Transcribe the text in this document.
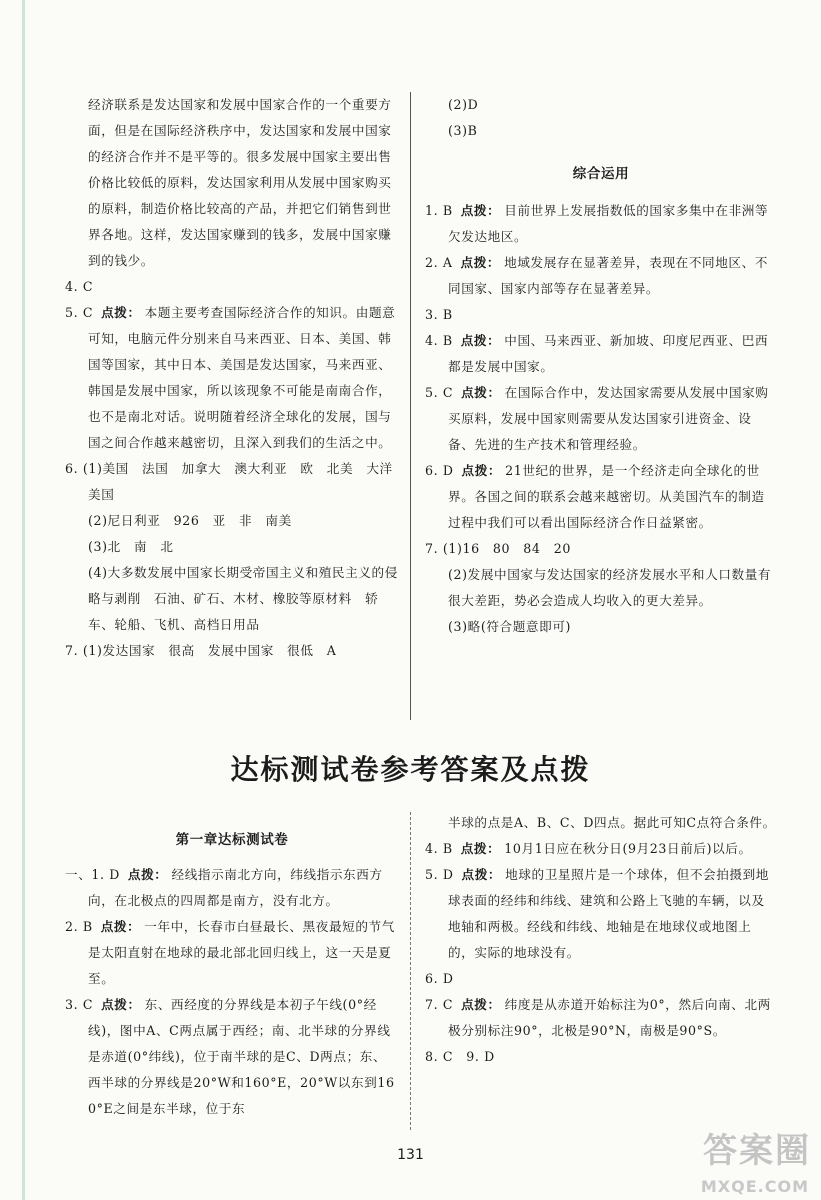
经济联系是发达国家和发展中国家合作的一个重要方面，但是在国际经济秩序中，发达国家和发展中国家的经济合作并不是平等的。很多发展中国家主要出售价格比较低的原料，发达国家利用从发展中国家购买的原料，制造价格比较高的产品，并把它们销售到世界各地。这样，发达国家赚到的钱多，发展中国家赚到的钱少。

4. C

5. C 点拨： 本题主要考查国际经济合作的知识。由题意可知，电脑元件分别来自马来西亚、日本、美国、韩国等国家，其中日本、美国是发达国家，马来西亚、韩国是发展中国家，所以该现象不可能是南南合作，也不是南北对话。说明随着经济全球化的发展，国与国之间合作越来越密切，且深入到我们的生活之中。

6. (1)美国　法国　加拿大　澳大利亚　欧　北美　大洋美国

(2)尼日利亚　926　亚　非　南美

(3)北　南　北

(4)大多数发展中国家长期受帝国主义和殖民主义的侵略与剥削　石油、矿石、木材、橡胶等原材料　轿车、轮船、飞机、高档日用品

7. (1)发达国家　很高　发展中国家　很低　A

(2)D

(3)B

综合运用

1. B 点拨： 目前世界上发展指数低的国家多集中在非洲等欠发达地区。

2. A 点拨： 地域发展存在显著差异，表现在不同地区、不同国家、国家内部等存在显著差异。

3. B

4. B 点拨： 中国、马来西亚、新加坡、印度尼西亚、巴西都是发展中国家。

5. C 点拨： 在国际合作中，发达国家需要从发展中国家购买原料，发展中国家则需要从发达国家引进资金、设备、先进的生产技术和管理经验。

6. D 点拨： 21世纪的世界，是一个经济走向全球化的世界。各国之间的联系会越来越密切。从美国汽车的制造过程中我们可以看出国际经济合作日益紧密。

7. (1)16　80　84　20

(2)发展中国家与发达国家的经济发展水平和人口数量有很大差距，势必会造成人均收入的更大差异。

(3)略(符合题意即可)

达标测试卷参考答案及点拨
第一章达标测试卷

一、1. D 点拨： 经线指示南北方向，纬线指示东西方向，在北极点的四周都是南方，没有北方。

2. B 点拨： 一年中，长春市白昼最长、黑夜最短的节气是太阳直射在地球的最北部北回归线上，这一天是夏至。

3. C 点拨： 东、西经度的分界线是本初子午线(0°经线)，图中A、C两点属于西经；南、北半球的分界线是赤道(0°纬线)，位于南半球的是C、D两点；东、西半球的分界线是20°W和160°E，20°W以东到160°E之间是东半球，位于东

半球的点是A、B、C、D四点。据此可知C点符合条件。

4. B 点拨： 10月1日应在秋分日(9月23日前后)以后。

5. D 点拨： 地球的卫星照片是一个球体，但不会拍摄到地球表面的经纬和纬线、建筑和公路上飞驰的车辆，以及地轴和两极。经线和纬线、地轴是在地球仪或地图上的，实际的地球没有。

6. D

7. C 点拨： 纬度是从赤道开始标注为0°，然后向南、北两极分别标注90°，北极是90°N，南极是90°S。

8. C　9. D

131	答案圈
MXQE.COM
